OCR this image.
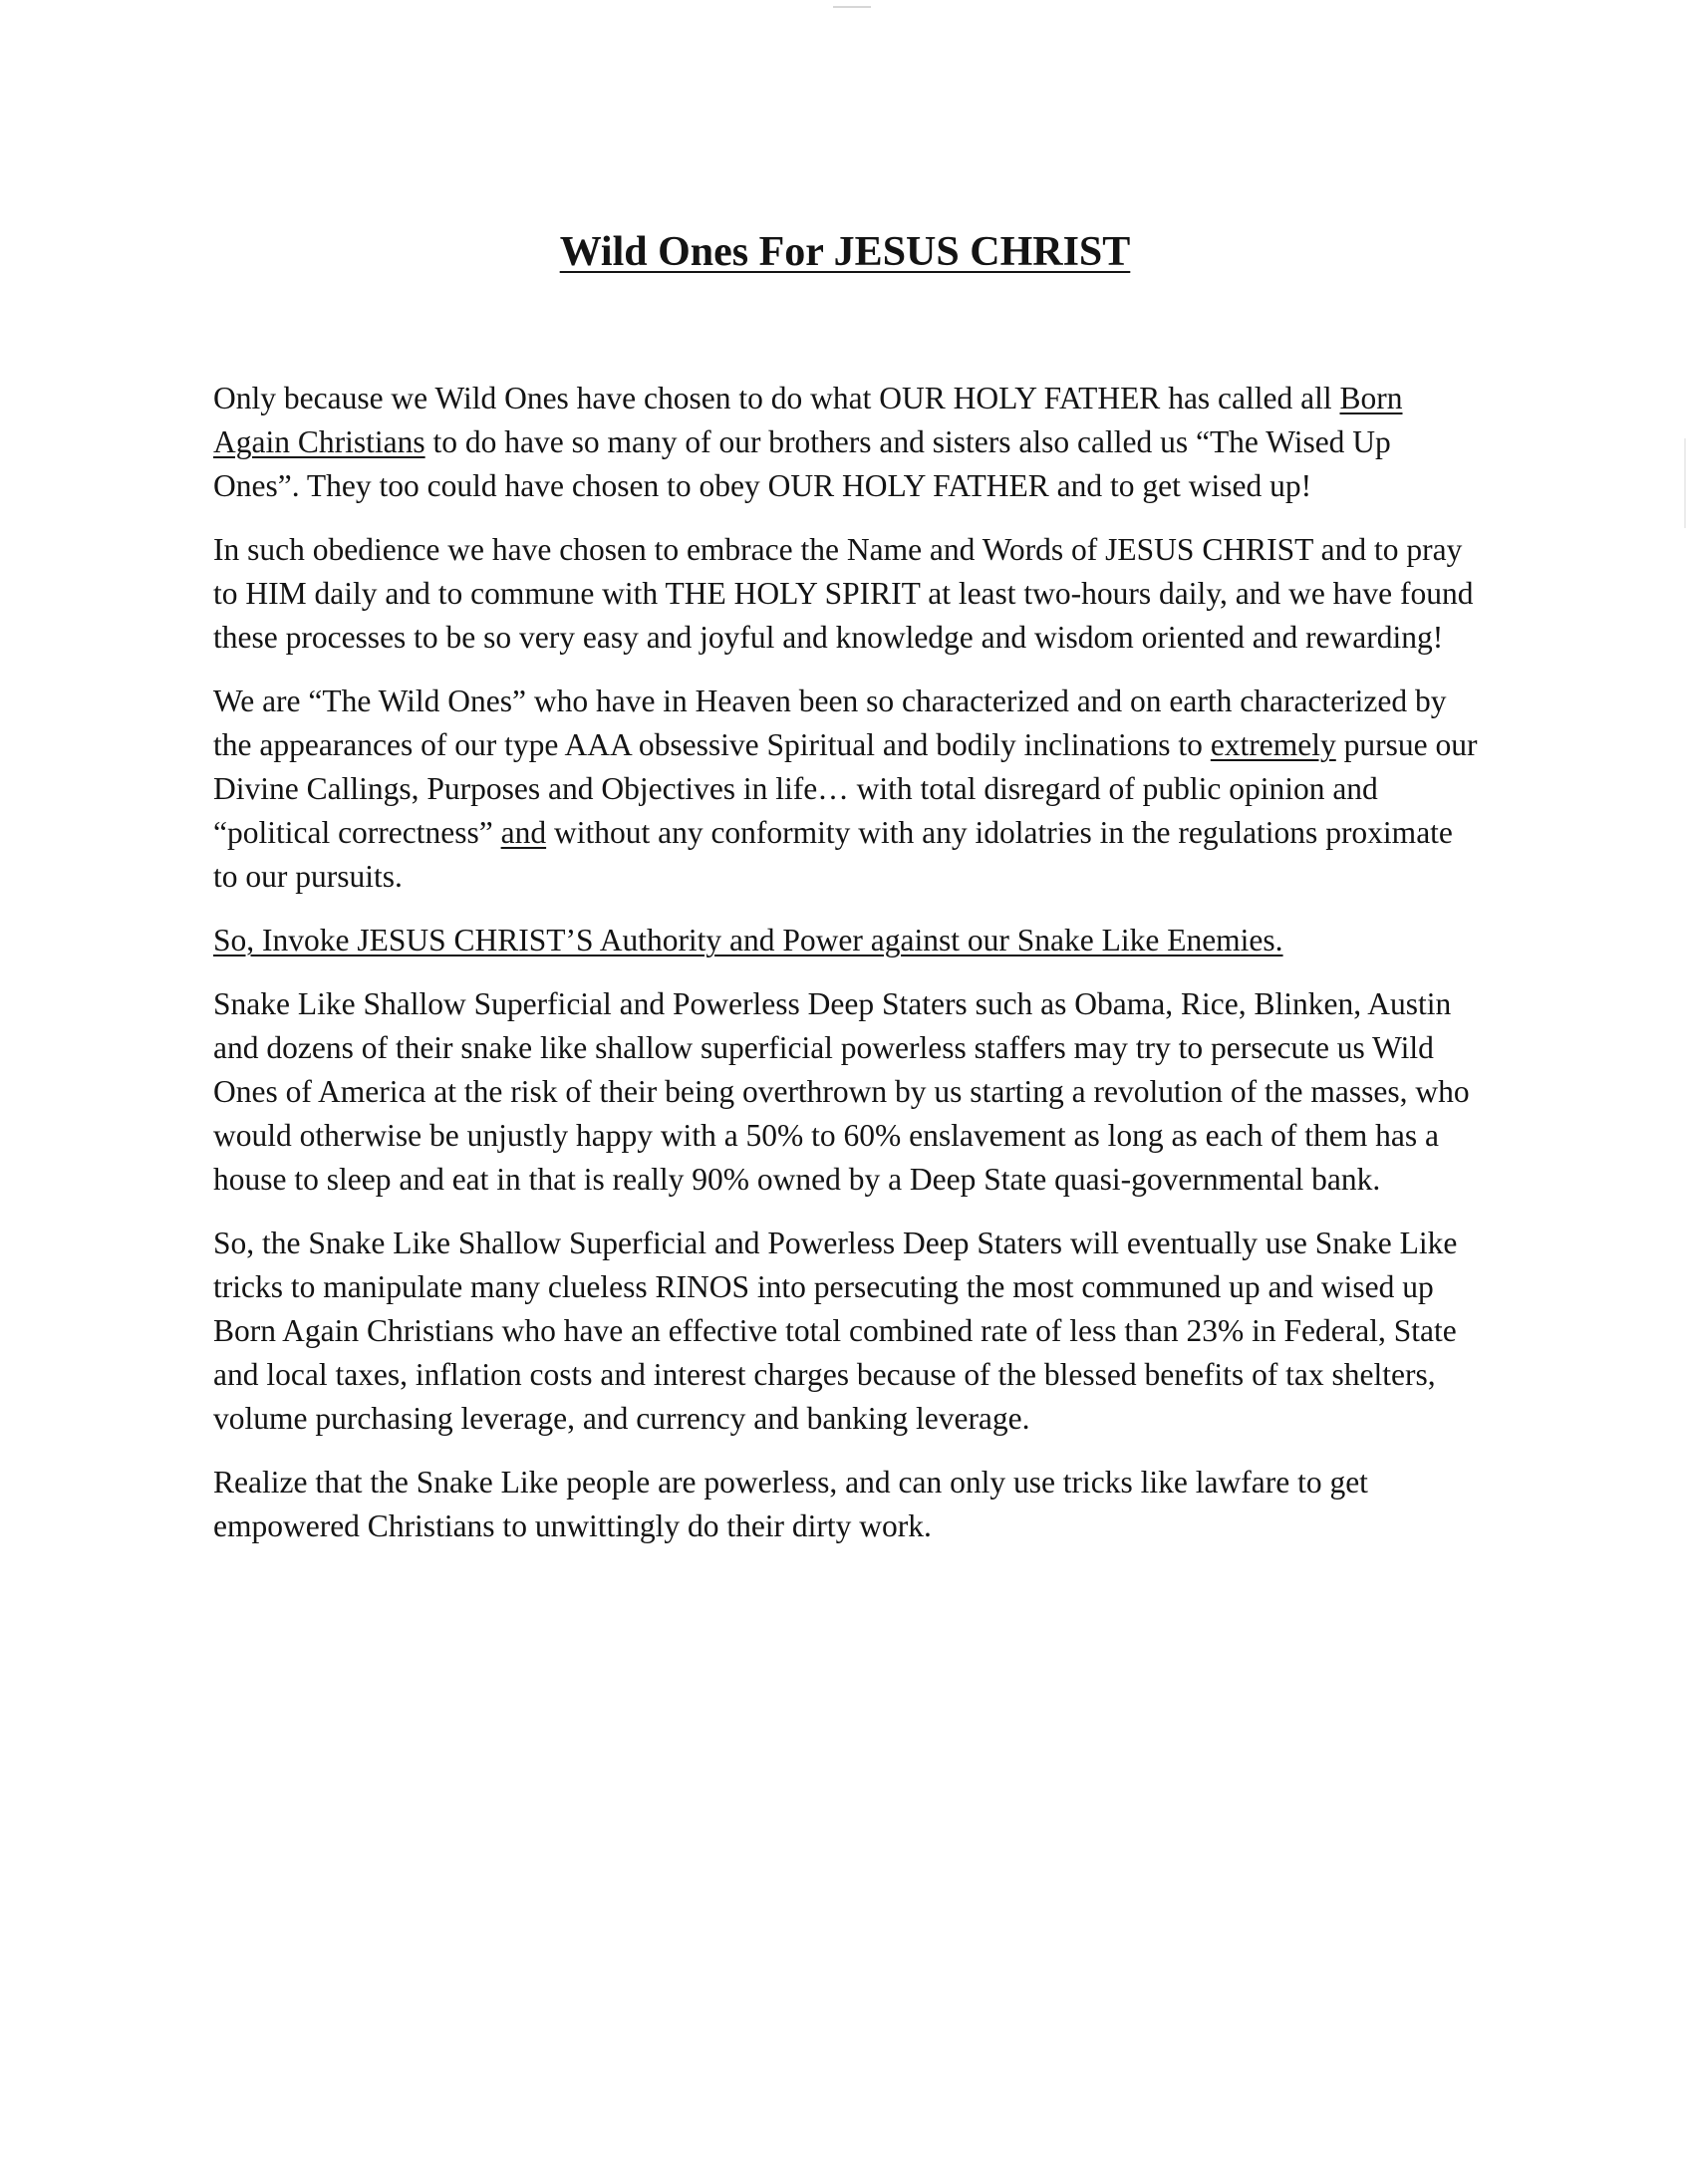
Wild Ones For JESUS CHRIST

Only because we Wild Ones have chosen to do what OUR HOLY FATHER has called all Born Again Christians to do have so many of our brothers and sisters also called us “The Wised Up Ones”. They too could have chosen to obey OUR HOLY FATHER and to get wised up!

In such obedience we have chosen to embrace the Name and Words of JESUS CHRIST and to pray to HIM daily and to commune with THE HOLY SPIRIT at least two-hours daily, and we have found these processes to be so very easy and joyful and knowledge and wisdom oriented and rewarding!

We are “The Wild Ones” who have in Heaven been so characterized and on earth characterized by the appearances of our type AAA obsessive Spiritual and bodily inclinations to extremely pursue our Divine Callings, Purposes and Objectives in life… with total disregard of public opinion and “political correctness” and without any conformity with any idolatries in the regulations proximate to our pursuits.

So, Invoke JESUS CHRIST’S Authority and Power against our Snake Like Enemies.

Snake Like Shallow Superficial and Powerless Deep Staters such as Obama, Rice, Blinken, Austin and dozens of their snake like shallow superficial powerless staffers may try to persecute us Wild Ones of America at the risk of their being overthrown by us starting a revolution of the masses, who would otherwise be unjustly happy with a 50% to 60% enslavement as long as each of them has a house to sleep and eat in that is really 90% owned by a Deep State quasi-governmental bank.

So, the Snake Like Shallow Superficial and Powerless Deep Staters will eventually use Snake Like tricks to manipulate many clueless RINOS into persecuting the most communed up and wised up Born Again Christians who have an effective total combined rate of less than 23% in Federal, State and local taxes, inflation costs and interest charges because of the blessed benefits of tax shelters, volume purchasing leverage, and currency and banking leverage.

Realize that the Snake Like people are powerless, and can only use tricks like lawfare to get empowered Christians to unwittingly do their dirty work.
